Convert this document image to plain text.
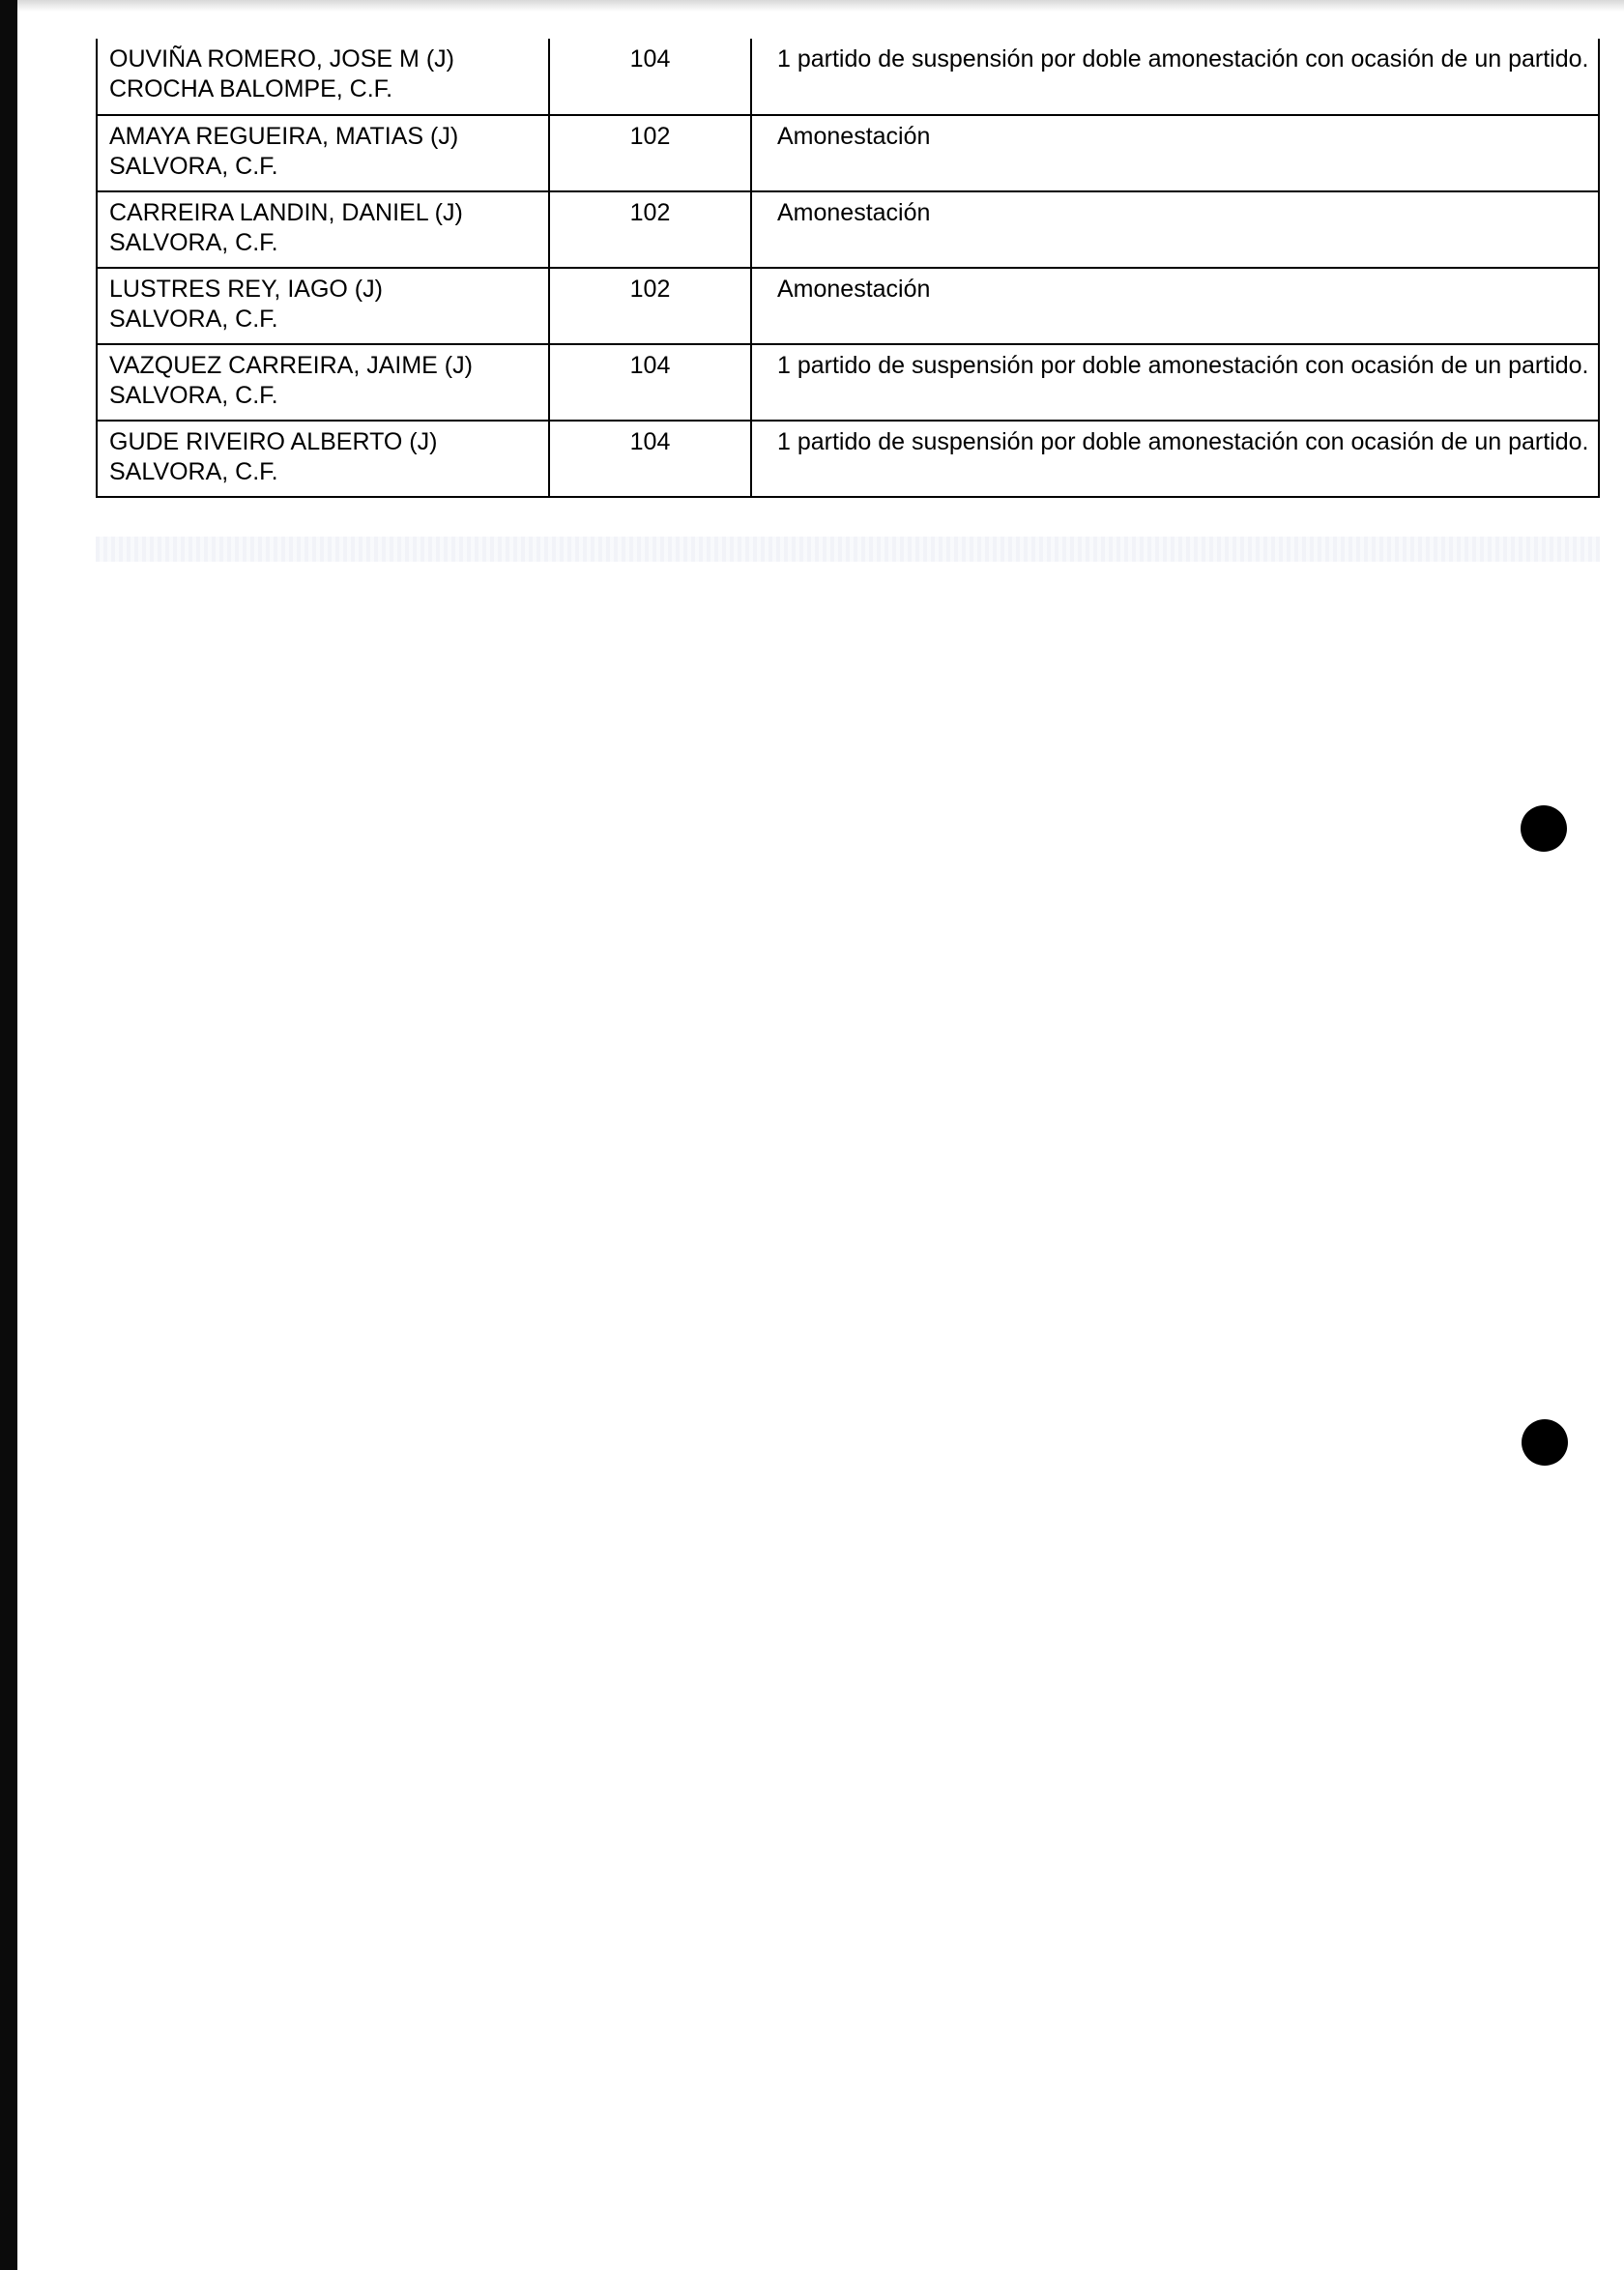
OUVIÑA ROMERO, JOSE M (J)
CROCHA BALOMPE, C.F.	104	1 partido de suspensión por doble amonestación con ocasión de un partido.

AMAYA REGUEIRA, MATIAS (J)
SALVORA, C.F.	102	Amonestación

CARREIRA LANDIN, DANIEL (J)
SALVORA, C.F.	102	Amonestación

LUSTRES REY, IAGO (J)
SALVORA, C.F.	102	Amonestación

VAZQUEZ CARREIRA, JAIME (J)
SALVORA, C.F.	104	1 partido de suspensión por doble amonestación con ocasión de un partido.

GUDE RIVEIRO ALBERTO (J)
SALVORA, C.F.	104	1 partido de suspensión por doble amonestación con ocasión de un partido.
